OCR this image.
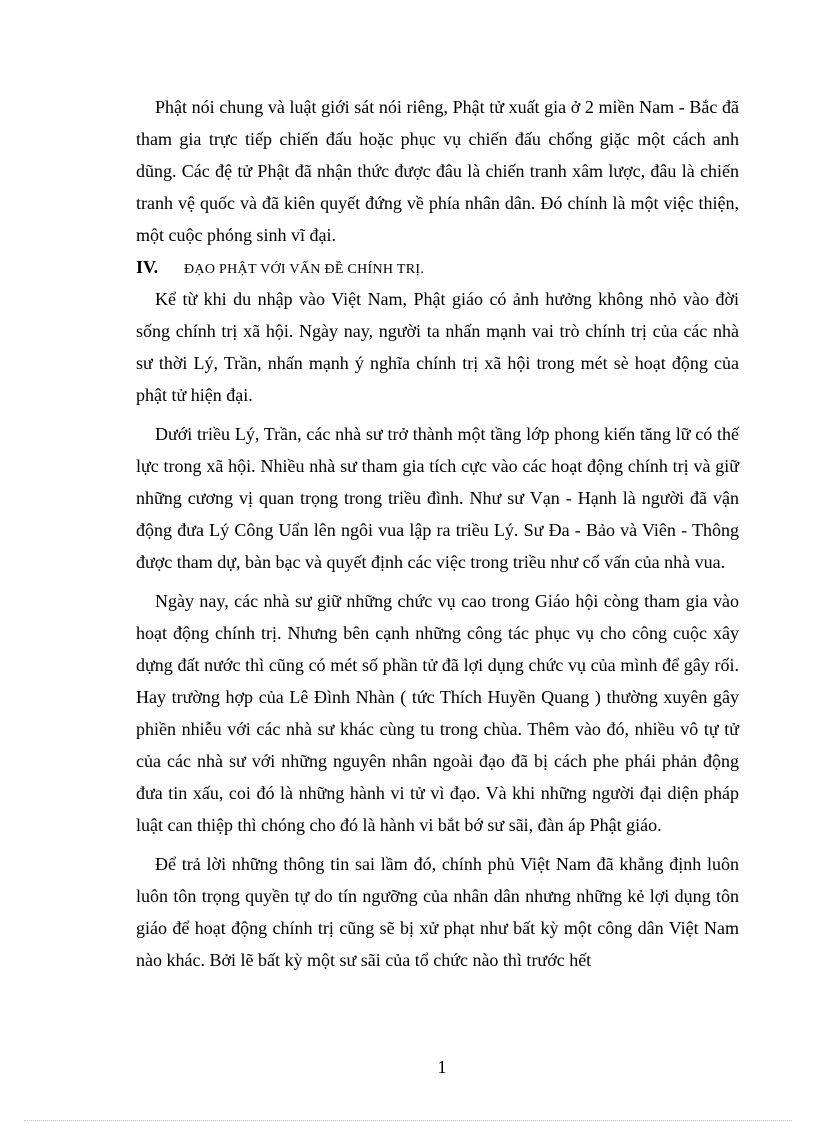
Phật nói chung và luật giới sát nói riêng, Phật tử xuất gia ở 2 miền Nam - Bắc đã tham gia trực tiếp chiến đấu hoặc phục vụ chiến đấu chống giặc một cách anh dũng. Các đệ tử Phật đã nhận thức được đâu là chiến tranh xâm lược, đâu là chiến tranh vệ quốc và đã kiên quyết đứng về phía nhân dân. Đó chính là một việc thiện, một cuộc phóng sinh vĩ đại.

IV.	ĐẠO PHẬT VỚI VẤN ĐỀ CHÍNH TRỊ.

Kể từ khi du nhập vào Việt Nam, Phật giáo có ảnh hưởng không nhỏ vào đời sống chính trị xã hội. Ngày nay, người ta nhấn mạnh vai trò chính trị của các nhà sư thời Lý, Trần, nhấn mạnh ý nghĩa chính trị xã hội trong mét sè hoạt động của phật tử hiện đại.

Dưới triều Lý, Trần, các nhà sư trở thành một tầng lớp phong kiến tăng lữ có thế lực trong xã hội. Nhiều nhà sư tham gia tích cực vào các hoạt động chính trị và giữ những cương vị quan trọng trong triều đình. Như sư Vạn - Hạnh là người đã vận động đưa Lý Công Uẩn lên ngôi vua lập ra triều Lý. Sư Đa - Bảo và Viên - Thông được tham dự, bàn bạc và quyết định các việc trong triều như cố vấn của nhà vua.

Ngày nay, các nhà sư giữ những chức vụ cao trong Giáo hội còng tham gia vào hoạt động chính trị. Nhưng bên cạnh những công tác phục vụ cho công cuộc xây dựng đất nước thì cũng có mét số phần tử đã lợi dụng chức vụ của mình để gây rối. Hay trường hợp của Lê Đình Nhàn ( tức Thích Huyền Quang ) thường xuyên gây phiền nhiễu với các nhà sư khác cùng tu trong chùa. Thêm vào đó, nhiều vô tự tử của các nhà sư với những nguyên nhân ngoài đạo đã bị cách phe phái phản động đưa tin xấu, coi đó là những hành vi tử vì đạo. Và khi những người đại diện pháp luật can thiệp thì chóng cho đó là hành vi bắt bớ sư sãi, đàn áp Phật giáo.

Để trả lời những thông tin sai lầm đó, chính phủ Việt Nam đã khẳng định luôn luôn tôn trọng quyền tự do tín ngưỡng của nhân dân nhưng những kẻ lợi dụng tôn giáo để hoạt động chính trị cũng sẽ bị xử phạt như bất kỳ một công dân Việt Nam nào khác. Bởi lẽ bất kỳ một sư sãi của tổ chức nào thì trước hết

1
